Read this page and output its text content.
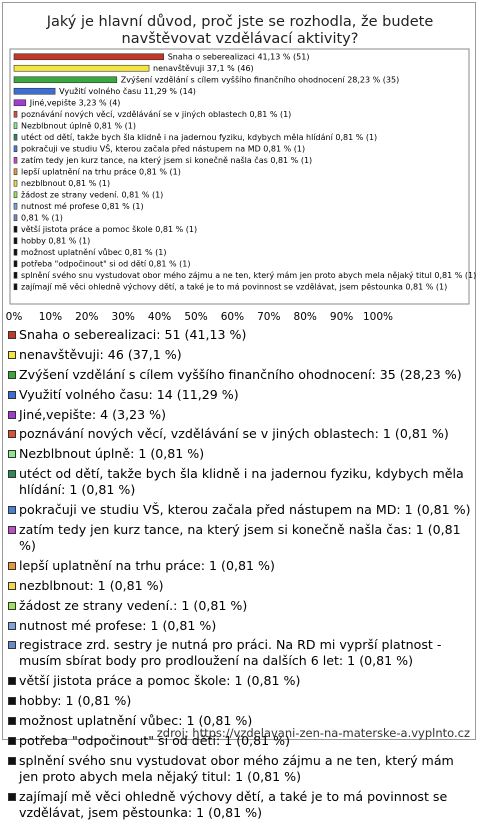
Jaký je hlavní důvod, proč jste se rozhodla, že budete navštěvovat vzdělávací aktivity?
Snaha o seberealizaci 41,13 % (51)
nenavštěvuji 37,1 % (46)
Zvýšení vzdělání s cílem vyššího finančního ohodnocení 28,23 % (35)
Využití volného času 11,29 % (14)
Jiné,vepište 3,23 % (4)
poznávání nových věcí, vzdělávání se v jiných oblastech 0,81 % (1)
Nezblbnout úplně 0,81 % (1)
utéct od dětí, takže bych šla klidně i na jadernou fyziku, kdybych měla hlídání 0,81 % (1)
pokračuji ve studiu VŠ, kterou začala před nástupem na MD 0,81 % (1)
zatím tedy jen kurz tance, na který jsem si konečně našla čas 0,81 % (1)
lepší uplatnění na trhu práce 0,81 % (1)
nezblbnout 0,81 % (1)
žádost ze strany vedení. 0,81 % (1)
nutnost mé profese 0,81 % (1)
0,81 % (1)
větší jistota práce a pomoc škole 0,81 % (1)
hobby 0,81 % (1)
možnost uplatnění vůbec 0,81 % (1)
potřeba "odpočinout" si od dětí 0,81 % (1)
splnění svého snu vystudovat obor mého zájmu a ne ten, který mám jen proto abych mela nějaký titul 0,81 % (1)
zajímají mě věci ohledně výchovy dětí, a také je to má povinnost se vzdělávat, jsem pěstounka 0,81 % (1)
0% 10% 20% 30% 40% 50% 60% 70% 80% 90% 100%
Snaha o seberealizaci: 51 (41,13 %)
nenavštěvuji: 46 (37,1 %)
Zvýšení vzdělání s cílem vyššího finančního ohodnocení: 35 (28,23 %)
Využití volného času: 14 (11,29 %)
Jiné,vepište: 4 (3,23 %)
poznávání nových věcí, vzdělávání se v jiných oblastech: 1 (0,81 %)
Nezblbnout úplně: 1 (0,81 %)
utéct od dětí, takže bych šla klidně i na jadernou fyziku, kdybych měla hlídání: 1 (0,81 %)
pokračuji ve studiu VŠ, kterou začala před nástupem na MD: 1 (0,81 %)
zatím tedy jen kurz tance, na který jsem si konečně našla čas: 1 (0,81 %)
lepší uplatnění na trhu práce: 1 (0,81 %)
nezblbnout: 1 (0,81 %)
žádost ze strany vedení.: 1 (0,81 %)
nutnost mé profese: 1 (0,81 %)
registrace zrd. sestry je nutná pro práci. Na RD mi vyprší platnost - musím sbírat body pro prodloužení na dalších 6 let: 1 (0,81 %)
větší jistota práce a pomoc škole: 1 (0,81 %)
hobby: 1 (0,81 %)
možnost uplatnění vůbec: 1 (0,81 %)
potřeba "odpočinout" si od dětí: 1 (0,81 %)
splnění svého snu vystudovat obor mého zájmu a ne ten, který mám jen proto abych mela nějaký titul: 1 (0,81 %)
zajímají mě věci ohledně výchovy dětí, a také je to má povinnost se vzdělávat, jsem pěstounka: 1 (0,81 %)
zdroj: https://vzdelavani-zen-na-materske-a.vyplnto.cz
